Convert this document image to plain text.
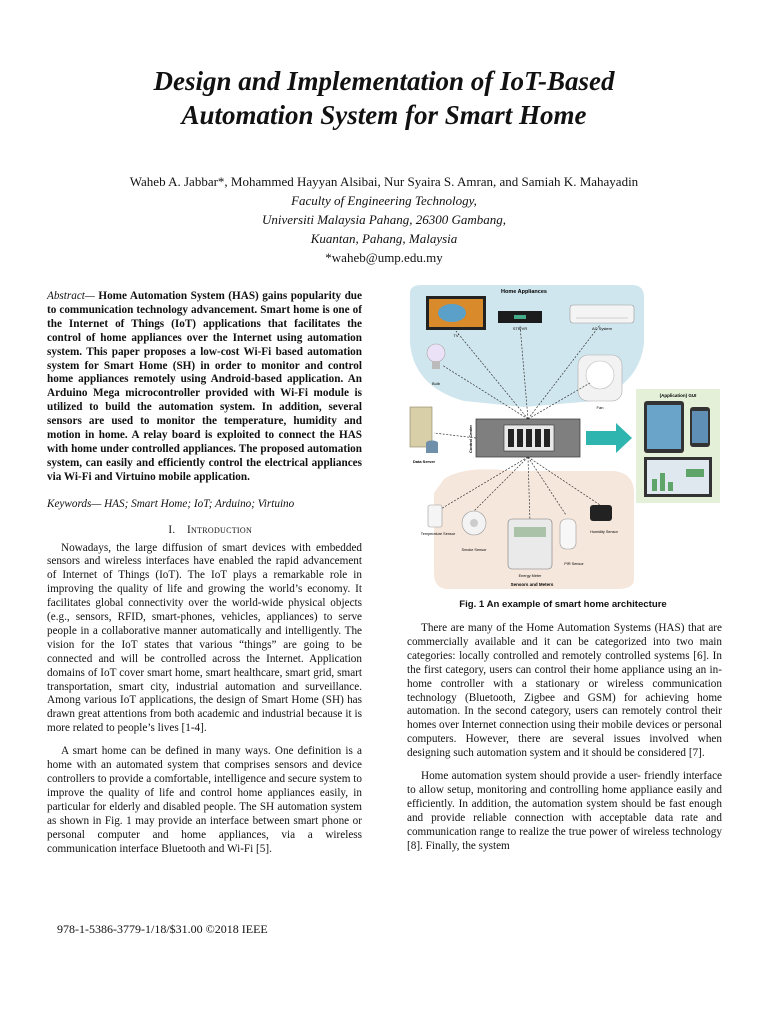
Design and Implementation of IoT-Based
Automation System for Smart Home
Waheb A. Jabbar*, Mohammed Hayyan Alsibai, Nur Syaira S. Amran, and Samiah K. Mahayadin
Faculty of Engineering Technology,
Universiti Malaysia Pahang, 26300 Gambang,
Kuantan, Pahang, Malaysia
*waheb@ump.edu.my
Abstract— Home Automation System (HAS) gains popularity due to communication technology advancement. Smart home is one of the Internet of Things (IoT) applications that facilitates the control of home appliances over the Internet using automation system. This paper proposes a low-cost Wi-Fi based automation system for Smart Home (SH) in order to monitor and control home appliances remotely using Android-based application. An Arduino Mega microcontroller provided with Wi-Fi module is utilized to build the automation system. In addition, several sensors are used to monitor the temperature, humidity and motion in home. A relay board is exploited to connect the HAS with home under controlled appliances. The proposed automation system, can easily and efficiently control the electrical appliances via Wi-Fi and Virtuino mobile application.
Keywords— HAS; Smart Home; IoT; Arduino; Virtuino
I. Introduction

Nowadays, the large diffusion of smart devices with embedded sensors and wireless interfaces have enabled the rapid advancement of Internet of Things (IoT). The IoT plays a remarkable role in improving the quality of life and growing the world’s economy. It facilitates global connectivity over the world-wide physical objects (e.g., sensors, RFID, smart-phones, vehicles, appliances) to serve people in a collaborative manner automatically and intelligently. The vision for the IoT states that various “things” are going to be connected and will be controlled across the Internet. Application domains of IoT cover smart home, smart healthcare, smart grid, smart transportation, smart city, industrial automation and surveillance. Among various IoT applications, the design of Smart Home (SH) has drawn great attentions from both academic and industrial because it is more related to people’s lives [1-4].

A smart home can be defined in many ways. One definition is a home with an automated system that comprises sensors and device controllers to provide a comfortable, intelligence and secure system to improve the quality of life and control home appliances easily, in particular for elderly and disabled people. The SH automation system as shown in Fig. 1 may provide an interface between smart phone or personal computer and home appliances, via a wireless communication interface Bluetooth and Wi-Fi [5].

Home Appliances
TV
STB/VR	AC System
Bulb
Fan
Data Server
Control Center
(Application) GUI
Temperature Sensor
Smoke Sensor
Energy Meter
PIR Sensor
Humidity Sensor
Sensors and Meters
Fig. 1 An example of smart home architecture

There are many of the Home Automation Systems (HAS) that are commercially available and it can be categorized into two main categories: locally controlled and remotely controlled systems [6]. In the first category, users can control their home appliance using an in-home controller with a stationary or wireless communication technology (Bluetooth, Zigbee and GSM) for achieving home automation. In the second category, users can remotely control their homes over Internet connection using their mobile devices or personal computers. However, there are several issues involved when designing such automation system and it should be considered [7].

Home automation system should provide a user- friendly interface to allow setup, monitoring and controlling home appliance easily and efficiently. In addition, the automation system should be fast enough and provide reliable connection with acceptable data rate and communication range to realize the true power of wireless technology [8]. Finally, the system

978-1-5386-3779-1/18/$31.00 ©2018 IEEE
